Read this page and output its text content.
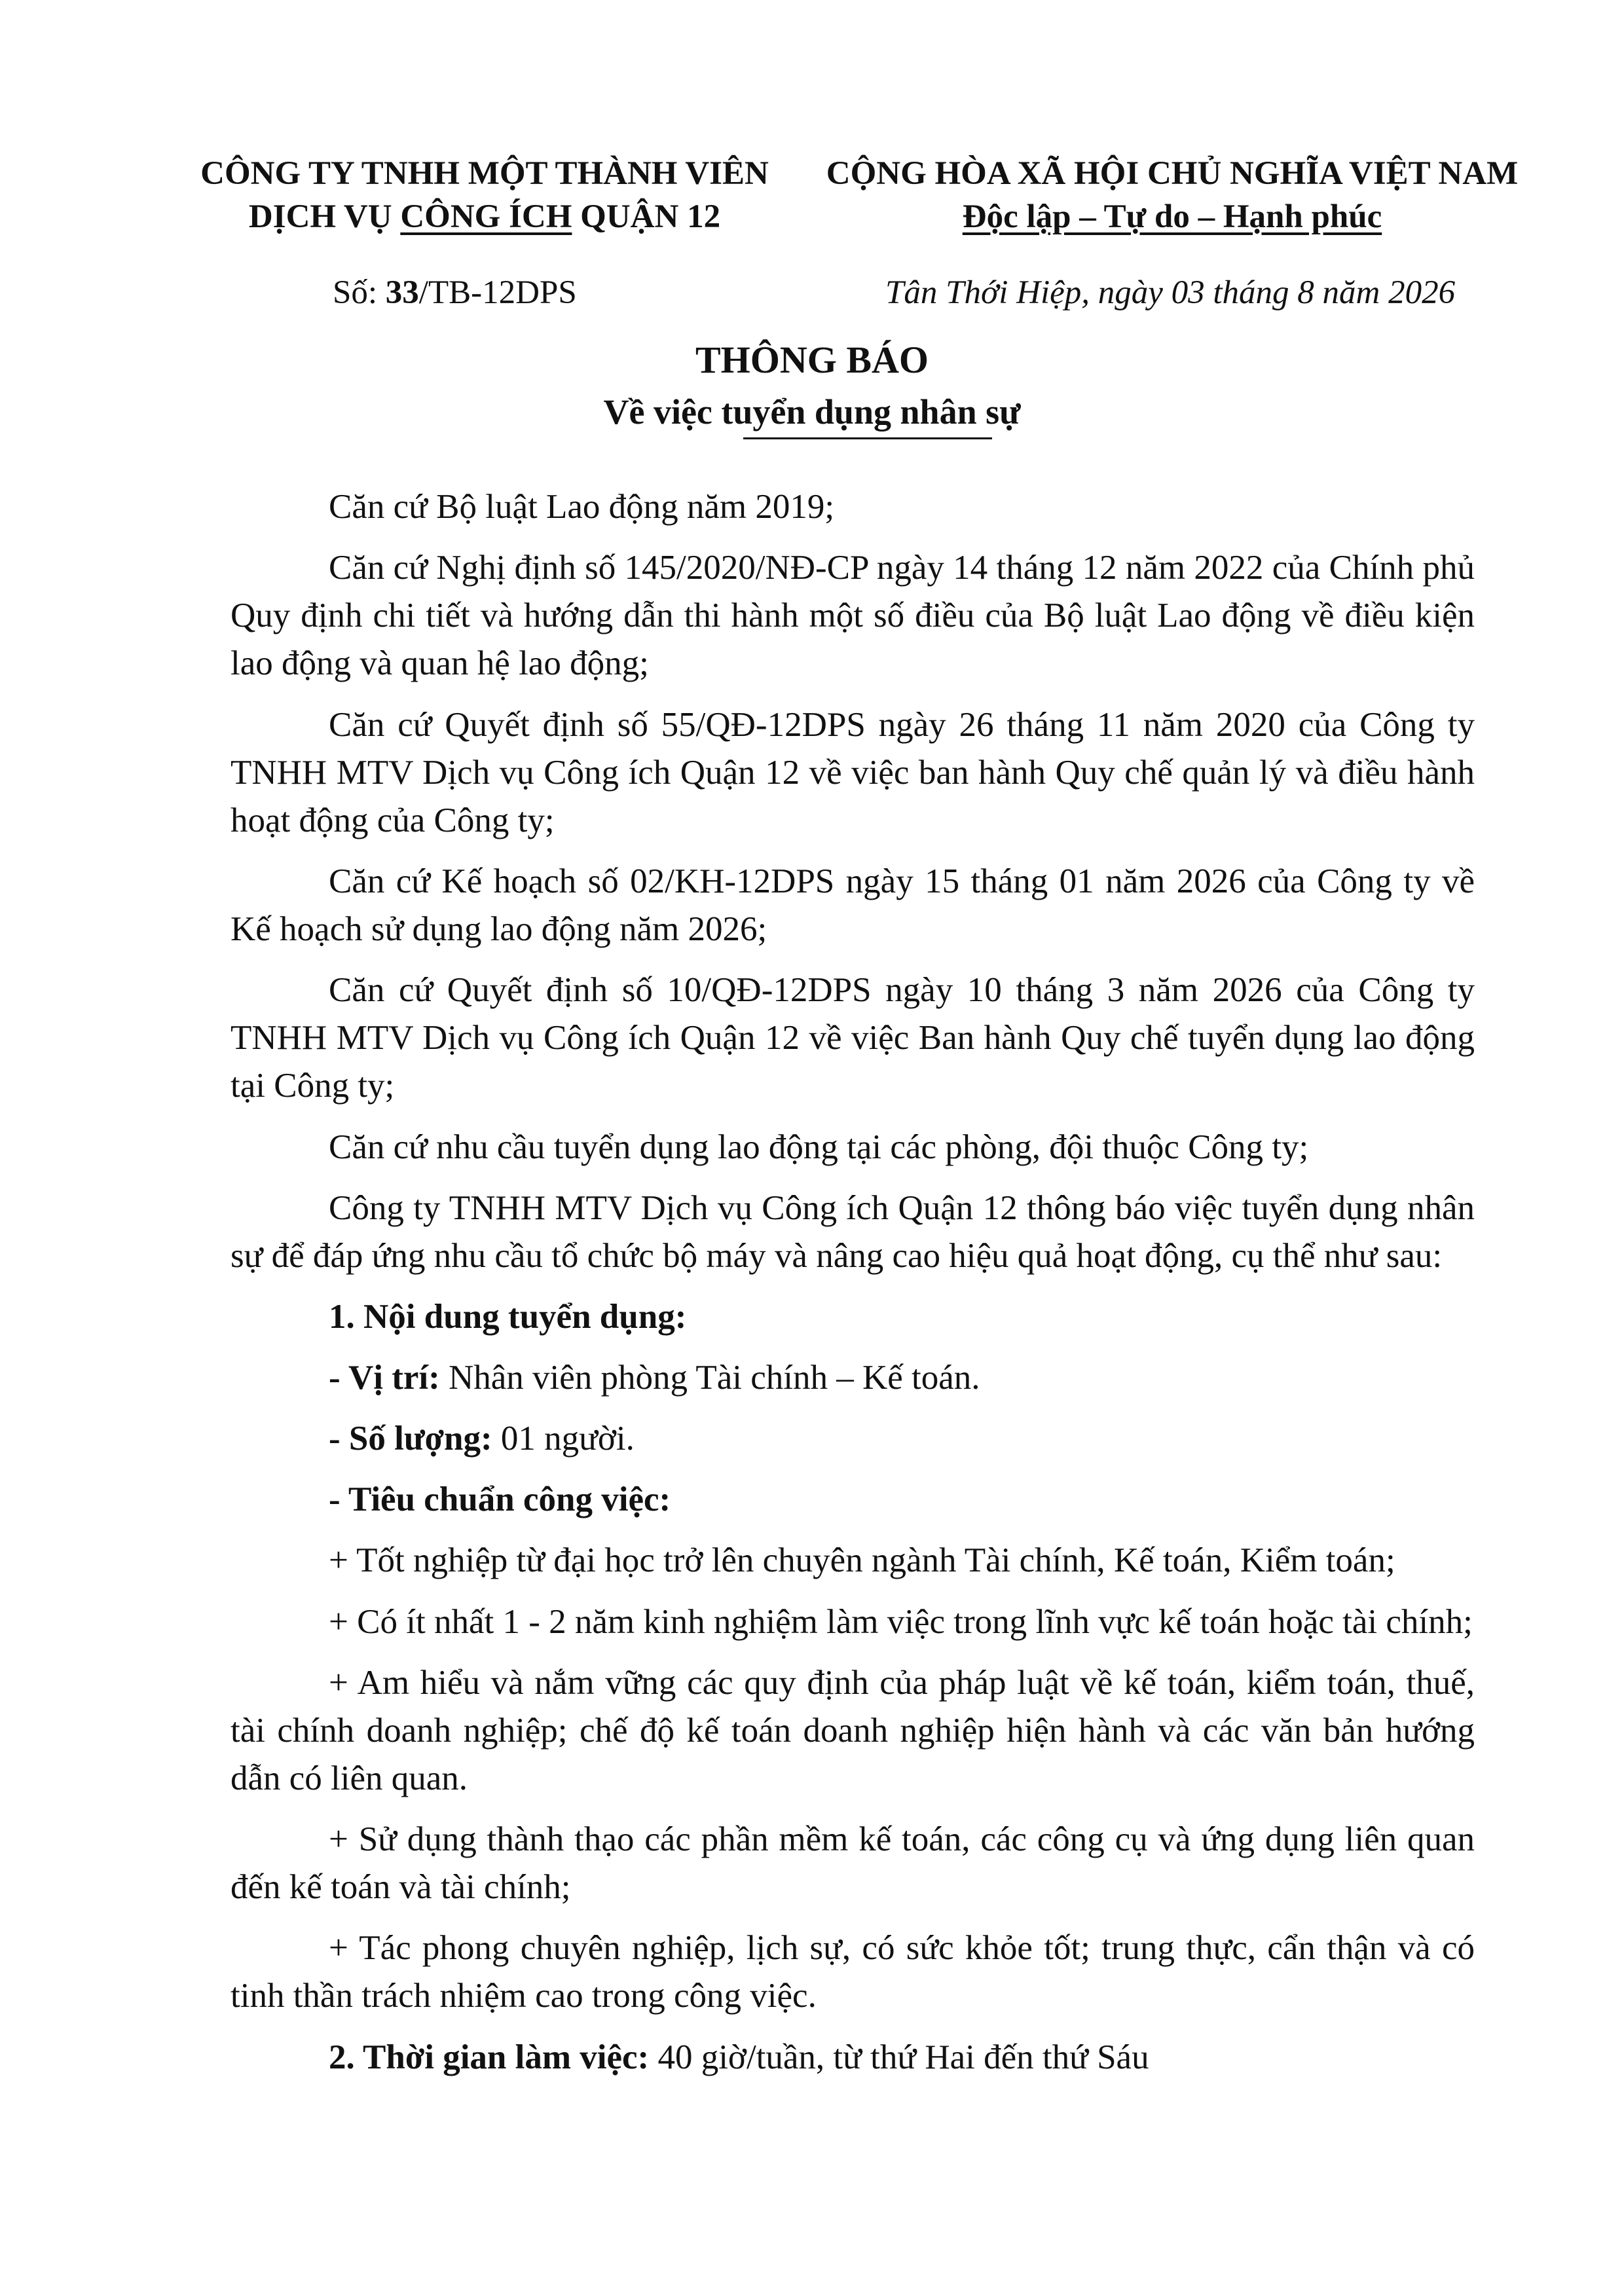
CÔNG TY TNHH MỘT THÀNH VIÊN
DỊCH VỤ CÔNG ÍCH QUẬN 12
CỘNG HÒA XÃ HỘI CHỦ NGHĨA VIỆT NAM
Độc lập – Tự do – Hạnh phúc
Số: 33/TB-12DPS	Tân Thới Hiệp, ngày 03 tháng 8 năm 2026
THÔNG BÁO
Về việc tuyển dụng nhân sự

Căn cứ Bộ luật Lao động năm 2019;

Căn cứ Nghị định số 145/2020/NĐ-CP ngày 14 tháng 12 năm 2022 của Chính phủ Quy định chi tiết và hướng dẫn thi hành một số điều của Bộ luật Lao động về điều kiện lao động và quan hệ lao động;

Căn cứ Quyết định số 55/QĐ-12DPS ngày 26 tháng 11 năm 2020 của Công ty TNHH MTV Dịch vụ Công ích Quận 12 về việc ban hành Quy chế quản lý và điều hành hoạt động của Công ty;

Căn cứ Kế hoạch số 02/KH-12DPS ngày 15 tháng 01 năm 2026 của Công ty về Kế hoạch sử dụng lao động năm 2026;

Căn cứ Quyết định số 10/QĐ-12DPS ngày 10 tháng 3 năm 2026 của Công ty TNHH MTV Dịch vụ Công ích Quận 12 về việc Ban hành Quy chế tuyển dụng lao động tại Công ty;

Căn cứ nhu cầu tuyển dụng lao động tại các phòng, đội thuộc Công ty;

Công ty TNHH MTV Dịch vụ Công ích Quận 12 thông báo việc tuyển dụng nhân sự để đáp ứng nhu cầu tổ chức bộ máy và nâng cao hiệu quả hoạt động, cụ thể như sau:

1. Nội dung tuyển dụng:

- Vị trí: Nhân viên phòng Tài chính – Kế toán.

- Số lượng: 01 người.

- Tiêu chuẩn công việc:

+ Tốt nghiệp từ đại học trở lên chuyên ngành Tài chính, Kế toán, Kiểm toán;

+ Có ít nhất 1 - 2 năm kinh nghiệm làm việc trong lĩnh vực kế toán hoặc tài chính;

+ Am hiểu và nắm vững các quy định của pháp luật về kế toán, kiểm toán, thuế, tài chính doanh nghiệp; chế độ kế toán doanh nghiệp hiện hành và các văn bản hướng dẫn có liên quan.

+ Sử dụng thành thạo các phần mềm kế toán, các công cụ và ứng dụng liên quan đến kế toán và tài chính;

+ Tác phong chuyên nghiệp, lịch sự, có sức khỏe tốt; trung thực, cẩn thận và có tinh thần trách nhiệm cao trong công việc.

2. Thời gian làm việc: 40 giờ/tuần, từ thứ Hai đến thứ Sáu
